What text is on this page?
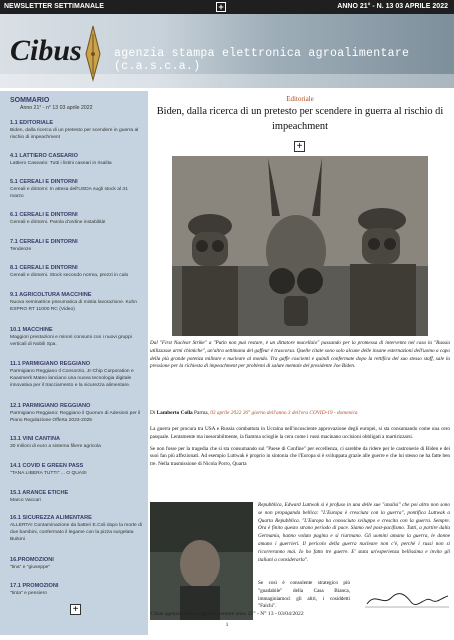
NEWSLETTER SETTIMANALE	+	ANNO 21° - N. 13 03 APRILE 2022
Cibus	agenzia stampa elettronica agroalimentare (c.a.s.c.a.)
SOMMARIO
Anno 21° - n° 13 03 aprile 2022
1.1 EDITORIALE
Biden, dalla ricerca di un pretesto per scendere in guerra al rischio di impeachment
4.1 LATTIERO CASEARIO
Lattiero Caseario: Tutti i listini caseari in risalita
5.1 CEREALI E DINTORNI
Cereali e dintorni: In attesa dell'USDA sugli stock al 31 marzo
6.1 CEREALI E DINTORNI
Cereali e dintorni. Parola d'ordine instabilità!
7.1 CEREALI E DINTORNI
Tendenze
8.1 CEREALI E DINTORNI
Cereali e dintorni. Stock secondo norma, prezzi in calo
9.1 AGRICOLTURA MACCHINE
Nuova seminatrice pneumatica di mistia lavorazione. Kuhn ESPRO RT 11000 RC (Video)
10.1 MACCHINE
Maggiori prestazioni e minori consumi con i nuovi gruppi verticali di Nobili Spa.
11.1 PARMIGIANO REGGIANO
Parmigiano Reggiano Il Consorzio, Jr-Chip Corporation e Kaasmerk Mateo lanciano una nuova tecnologia digitale innovativa per il tracciamento e la sicurezza alimentare.
12.1 PARMIGIANO REGGIANO
Parmigiano Reggiano: Reggiano il Quorum di Adesioni per il Piano Regolazione Offerta 2023-2025
13.1 VINI CANTINA
30 milioni di euro a sistema filiere agricola
14.1 COVID E GREEN PASS
"TANA LIBERA TUTTI" ... O QUASI
15.1 ARANCE ETICHE
Marco Vaccari
16.1 SICUREZZA ALIMENTARE
ALLERTA! Contaminazione da batteri E.Coli dopo la morte di due bambini, confermato il legame con la pizza surgelata Buitoni
16.PROMOZIONI
"tina" e "giuseppe"
17.1 PROMOZIONI
"tinta" e pensiero
Editoriale
Biden, dalla ricerca di un pretesto per scendere in guerra al rischio di impeachment
+
Dal "First Nuclear Strike" a "Putin non può restare, è un dittatore macellaio" passando per la promessa di intervento nel caso la "Russia utilizzasse armi chimiche", un'altra settimana del gaffeur è trascorsa. Quelle citate sono solo alcune delle insane esternazioni dell'uomo a capo della più grande potenza militare e nucleare al mondo. Tra gaffe coscienti e quindi confermate dopo la rettifica del suo stesso staff, sale la pressione per la richiesta di impeachment per problemi di salute mentale del presidente Joe Biden.
Di Lamberto Colla Parma, 03 aprile 2022 26° giorno dell'anno 3 dell'era COVID-19 - domenica

La guerra per procura tra USA e Russia combattuta in Ucraina nell'incosciente approvazione degli europei, si sta consumando come una cero pasquale. Lentamente ma inesorabilmente, la fiamma scioglie la cera come i russi macinano uccisioni obbligati a martirizzarsi.

Se non fosse per la tragedia che si sta consumando sul "Paese di Confine" per eccellenza, ci sarebbe da ridere per le castronerie di Biden e dei suoi fan più affezionati. Ad esempio Luttwak è proprio in sintonia che l'Europa si è sviluppata grazie alle guerre e che lui stesso ne ha fatte ben tre. Nella trasmissione di Nicola Porro, Quarta

Repubblica, Edward Luttwak si è profuso in una delle sue "analisi" che poi altro non sono se non propaganda bellica: "L'Europa è cresciuta con la guerra", pontifica Luttwak a Quarta Repubblica. "L'Europa ha conosciuto sviluppo e crescita con la guerra. Sempre. Ora è finito questo strano periodo di pace. Siamo nel post-pacifismo. Tutti, a partire dalla Germania, hanno voluto pagina e si riarmano. Gli uomini amano la guerra, le donne amano i guerrieri. Il pericolo della guerra nucleare non c'è, perché i russi non si ricorreranno mai. Io ho fatto tre guerre. E' stata un'esperienza bellissima e invito gli italiani a considerarla".
Se così è consolente strategico più "guadabile" della Casa Bianca, immaginiamoci gli altri, i cosiddetti "Falchi".
+	Cibus agenzia stampa agroalimentare anno 21° - N° 13 - 03/04/2022
1
